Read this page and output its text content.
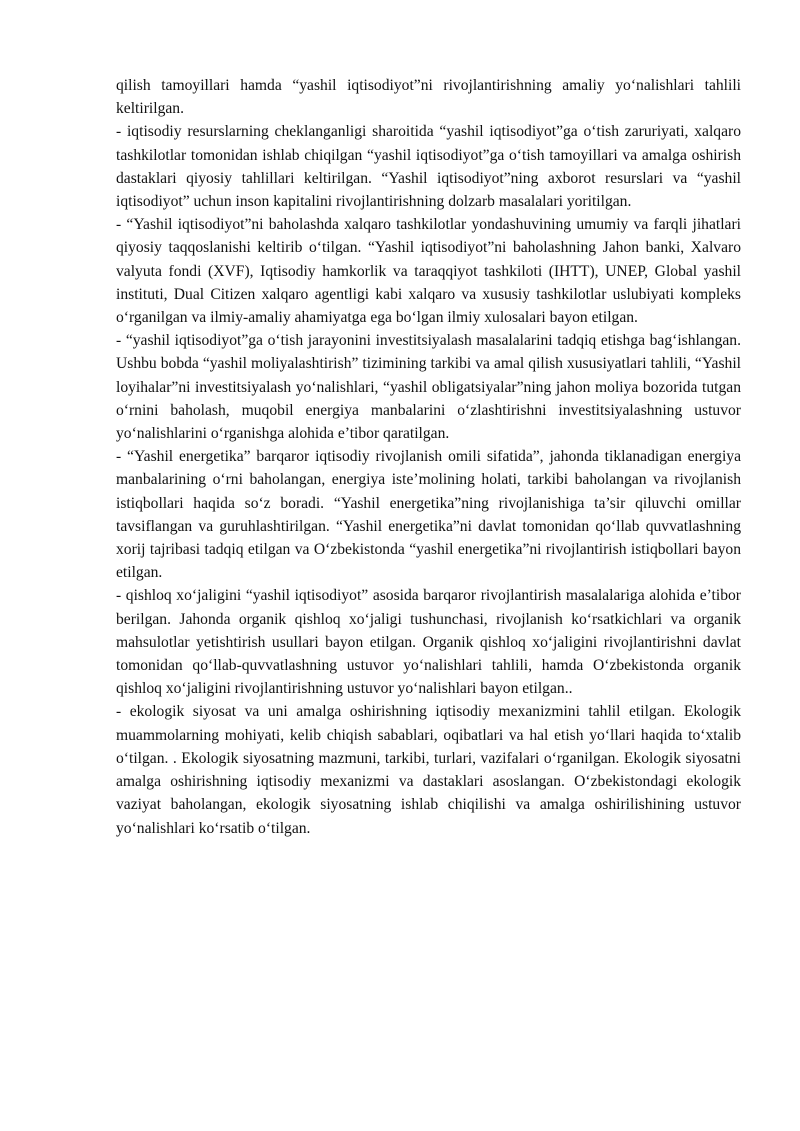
qilish tamoyillari hamda “yashil iqtisodiyot”ni rivojlantirishning amaliy yo‘nalishlari tahlili keltirilgan.

- iqtisodiy resurslarning cheklanganligi sharoitida “yashil iqtisodiyot”ga o‘tish zaruriyati, xalqaro tashkilotlar tomonidan ishlab chiqilgan “yashil iqtisodiyot”ga o‘tish tamoyillari va amalga oshirish dastaklari qiyosiy tahlillari keltirilgan. “Yashil iqtisodiyot”ning axborot resurslari va “yashil iqtisodiyot” uchun inson kapitalini rivojlantirishning dolzarb masalalari yoritilgan.

- “Yashil iqtisodiyot”ni baholashda xalqaro tashkilotlar yondashuvining umumiy va farqli jihatlari qiyosiy taqqoslanishi keltirib o‘tilgan. “Yashil iqtisodiyot”ni baholashning Jahon banki, Xalvaro valyuta fondi (XVF), Iqtisodiy hamkorlik va taraqqiyot tashkiloti (IHTT), UNEP, Global yashil instituti, Dual Citizen xalqaro agentligi kabi xalqaro va xususiy tashkilotlar uslubiyati kompleks o‘rganilgan va ilmiy-amaliy ahamiyatga ega bo‘lgan ilmiy xulosalari bayon etilgan.

- “yashil iqtisodiyot”ga o‘tish jarayonini investitsiyalash masalalarini tadqiq etishga bag‘ishlangan. Ushbu bobda “yashil moliyalashtirish” tizimining tarkibi va amal qilish xususiyatlari tahlili, “Yashil loyihalar”ni investitsiyalash yo‘nalishlari, “yashil obligatsiyalar”ning jahon moliya bozorida tutgan o‘rnini baholash, muqobil energiya manbalarini o‘zlashtirishni investitsiyalashning ustuvor yo‘nalishlarini o‘rganishga alohida e’tibor qaratilgan.

- “Yashil energetika” barqaror iqtisodiy rivojlanish omili sifatida”, jahonda tiklanadigan energiya manbalarining o‘rni baholangan, energiya iste’molining holati, tarkibi baholangan va rivojlanish istiqbollari haqida so‘z boradi. “Yashil energetika”ning rivojlanishiga ta’sir qiluvchi omillar tavsiflangan va guruhlashtirilgan. “Yashil energetika”ni davlat tomonidan qo‘llab quvvatlashning xorij tajribasi tadqiq etilgan va O‘zbekistonda “yashil energetika”ni rivojlantirish istiqbollari bayon etilgan.

- qishloq xo‘jaligini “yashil iqtisodiyot” asosida barqaror rivojlantirish masalalariga alohida e’tibor berilgan. Jahonda organik qishloq xo‘jaligi tushunchasi, rivojlanish ko‘rsatkichlari va organik mahsulotlar yetishtirish usullari bayon etilgan. Organik qishloq xo‘jaligini rivojlantirishni davlat tomonidan qo‘llab-quvvatlashning ustuvor yo‘nalishlari tahlili, hamda O‘zbekistonda organik qishloq xo‘jaligini rivojlantirishning ustuvor yo‘nalishlari bayon etilgan..

- ekologik siyosat va uni amalga oshirishning iqtisodiy mexanizmini tahlil etilgan. Ekologik muammolarning mohiyati, kelib chiqish sabablari, oqibatlari va hal etish yo‘llari haqida to‘xtalib o‘tilgan. . Ekologik siyosatning mazmuni, tarkibi, turlari, vazifalari o‘rganilgan. Ekologik siyosatni amalga oshirishning iqtisodiy mexanizmi va dastaklari asoslangan. O‘zbekistondagi ekologik vaziyat baholangan, ekologik siyosatning ishlab chiqilishi va amalga oshirilishining ustuvor yo‘nalishlari ko‘rsatib o‘tilgan.
